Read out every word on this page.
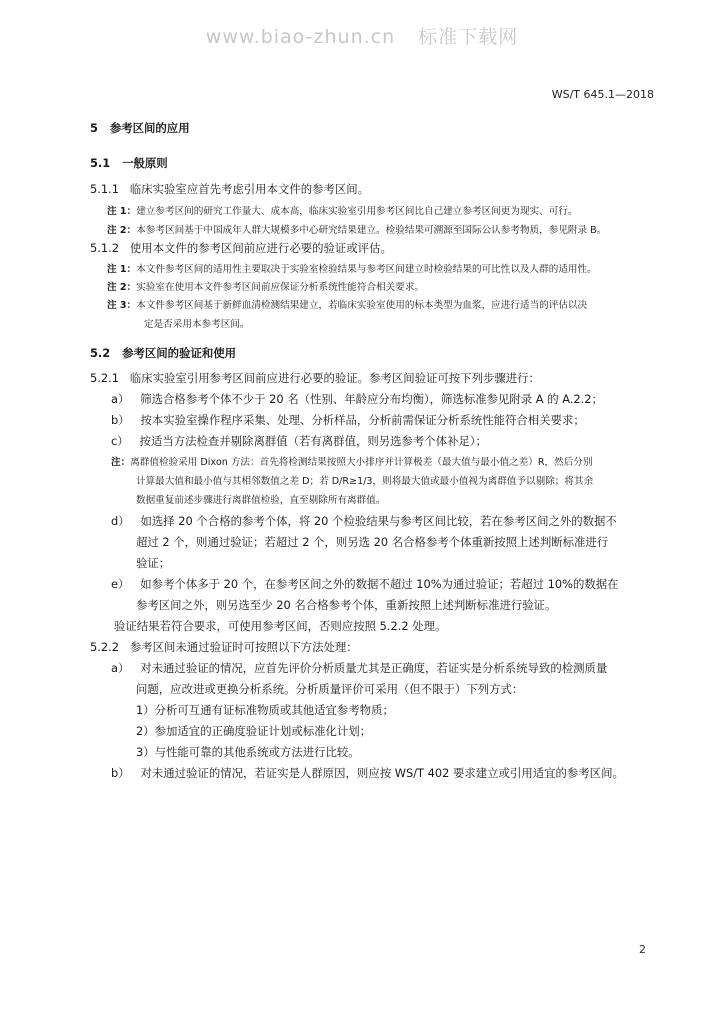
www.biao-zhun.cn 标准下载网
WS/T 645.1—2018
5 参考区间的应用
5.1 一般原则
5.1.1 临床实验室应首先考虑引用本文件的参考区间。
注 1：建立参考区间的研究工作量大、成本高，临床实验室引用参考区间比自己建立参考区间更为现实、可行。
注 2：本参考区间基于中国成年人群大规模多中心研究结果建立。检验结果可溯源至国际公认参考物质，参见附录 B。
5.1.2 使用本文件的参考区间前应进行必要的验证或评估。
注 1：本文件参考区间的适用性主要取决于实验室检验结果与参考区间建立时检验结果的可比性以及人群的适用性。
注 2：实验室在使用本文件参考区间前应保证分析系统性能符合相关要求。
注 3：本文件参考区间基于新鲜血清检测结果建立，若临床实验室使用的标本类型为血浆，应进行适当的评估以决
定是否采用本参考区间。
5.2 参考区间的验证和使用
5.2.1 临床实验室引用参考区间前应进行必要的验证。参考区间验证可按下列步骤进行：
a） 筛选合格参考个体不少于 20 名（性别、年龄应分布均衡），筛选标准参见附录 A 的 A.2.2；
b） 按本实验室操作程序采集、处理、分析样品，分析前需保证分析系统性能符合相关要求；
c） 按适当方法检查并剔除离群值（若有离群值，则另选参考个体补足）；
注：离群值检验采用 Dixon 方法：首先将检测结果按照大小排序并计算极差（最大值与最小值之差）R，然后分别
计算最大值和最小值与其相邻数值之差 D；若 D/R≥1/3，则将最大值或最小值视为离群值予以剔除；将其余
数据重复前述步骤进行离群值检验，直至剔除所有离群值。
d） 如选择 20 个合格的参考个体，将 20 个检验结果与参考区间比较，若在参考区间之外的数据不
超过 2 个，则通过验证；若超过 2 个，则另选 20 名合格参考个体重新按照上述判断标准进行
验证；
e） 如参考个体多于 20 个，在参考区间之外的数据不超过 10%为通过验证；若超过 10%的数据在
参考区间之外，则另选至少 20 名合格参考个体，重新按照上述判断标准进行验证。
验证结果若符合要求，可使用参考区间，否则应按照 5.2.2 处理。
5.2.2 参考区间未通过验证时可按照以下方法处理：
a） 对未通过验证的情况，应首先评价分析质量尤其是正确度，若证实是分析系统导致的检测质量
问题，应改进或更换分析系统。分析质量评价可采用（但不限于）下列方式：
1）分析可互通有证标准物质或其他适宜参考物质；
2）参加适宜的正确度验证计划或标准化计划；
3）与性能可靠的其他系统或方法进行比较。
b） 对未通过验证的情况，若证实是人群原因，则应按 WS/T 402 要求建立或引用适宜的参考区间。
2
